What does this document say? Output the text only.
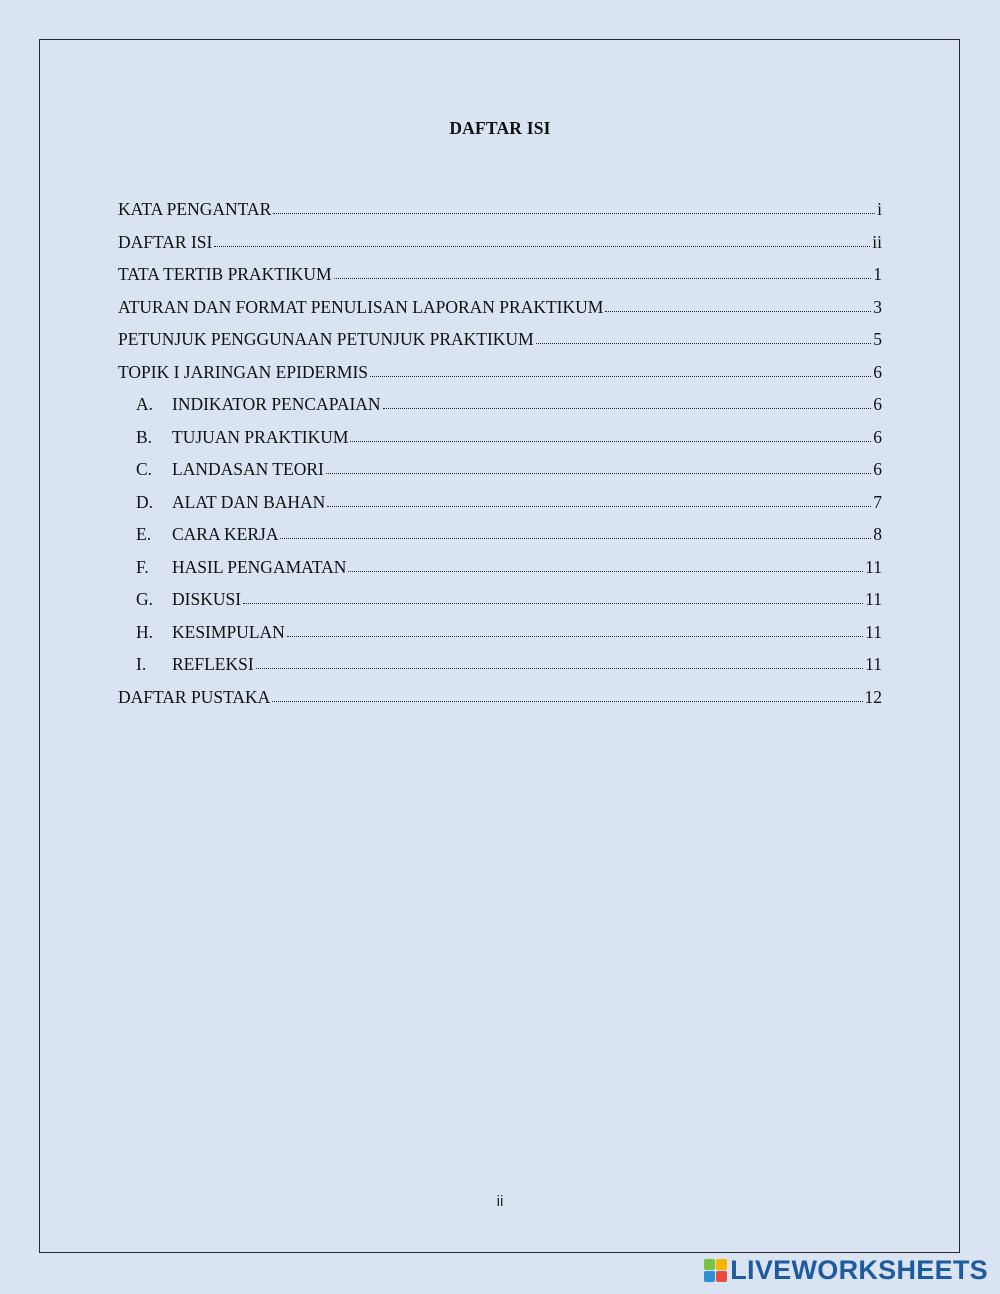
DAFTAR ISI
KATA PENGANTAR	i
DAFTAR ISI	ii
TATA TERTIB PRAKTIKUM	1
ATURAN DAN FORMAT PENULISAN LAPORAN PRAKTIKUM	3
PETUNJUK PENGGUNAAN PETUNJUK PRAKTIKUM	5
TOPIK I JARINGAN EPIDERMIS	6
A.	INDIKATOR PENCAPAIAN	6
B.	TUJUAN PRAKTIKUM	6
C.	LANDASAN TEORI	6
D.	ALAT DAN BAHAN	7
E.	CARA KERJA	8
F.	HASIL PENGAMATAN	11
G.	DISKUSI	11
H.	KESIMPULAN	11
I.	REFLEKSI	11
DAFTAR PUSTAKA	12
ii
LIVEWORKSHEETS
